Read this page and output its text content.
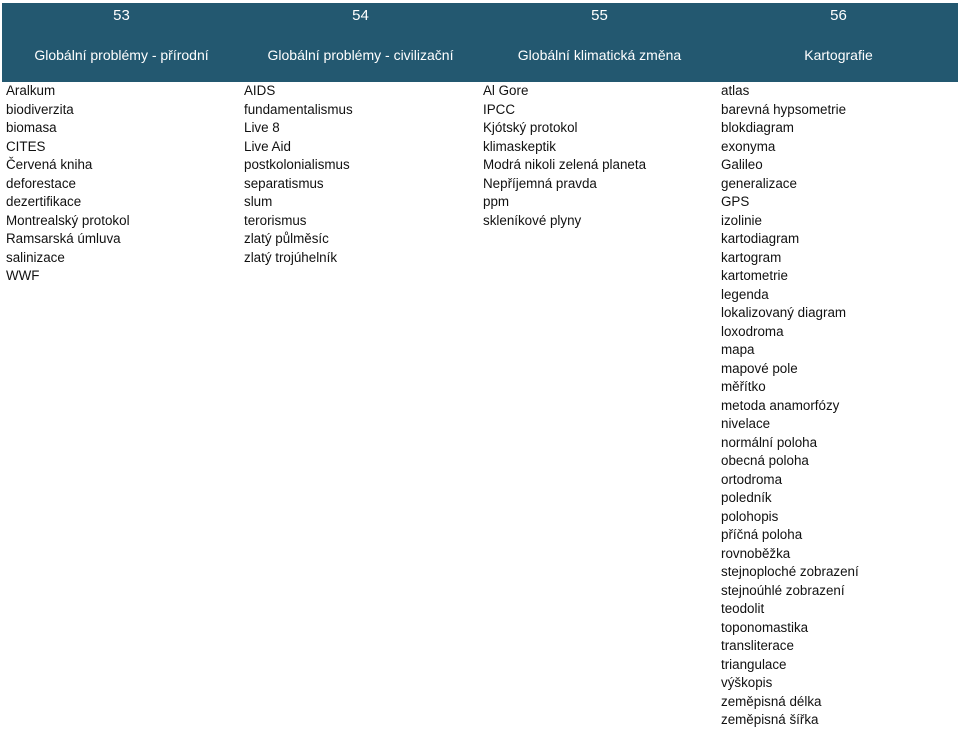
53
Globální problémy - přírodní
54
Globální problémy - civilizační
55
Globální klimatická změna
56
Kartografie
Aralkum
biodiverzita
biomasa
CITES
Červená kniha
deforestace
dezertifikace
Montrealský protokol
Ramsarská úmluva
salinizace
WWF
AIDS
fundamentalismus
Live 8
Live Aid
postkolonialismus
separatismus
slum
terorismus
zlatý půlměsíc
zlatý trojúhelník
Al Gore
IPCC
Kjótský protokol
klimaskeptik
Modrá nikoli zelená planeta
Nepříjemná pravda
ppm
skleníkové plyny
atlas
barevná hypsometrie
blokdiagram
exonyma
Galileo
generalizace
GPS
izolinie
kartodiagram
kartogram
kartometrie
legenda
lokalizovaný diagram
loxodroma
mapa
mapové pole
měřítko
metoda anamorfózy
nivelace
normální poloha
obecná poloha
ortodroma
poledník
polohopis
příčná poloha
rovnoběžka
stejnoploché zobrazení
stejnoúhlé zobrazení
teodolit
toponomastika
transliterace
triangulace
výškopis
zeměpisná délka
zeměpisná šířka
